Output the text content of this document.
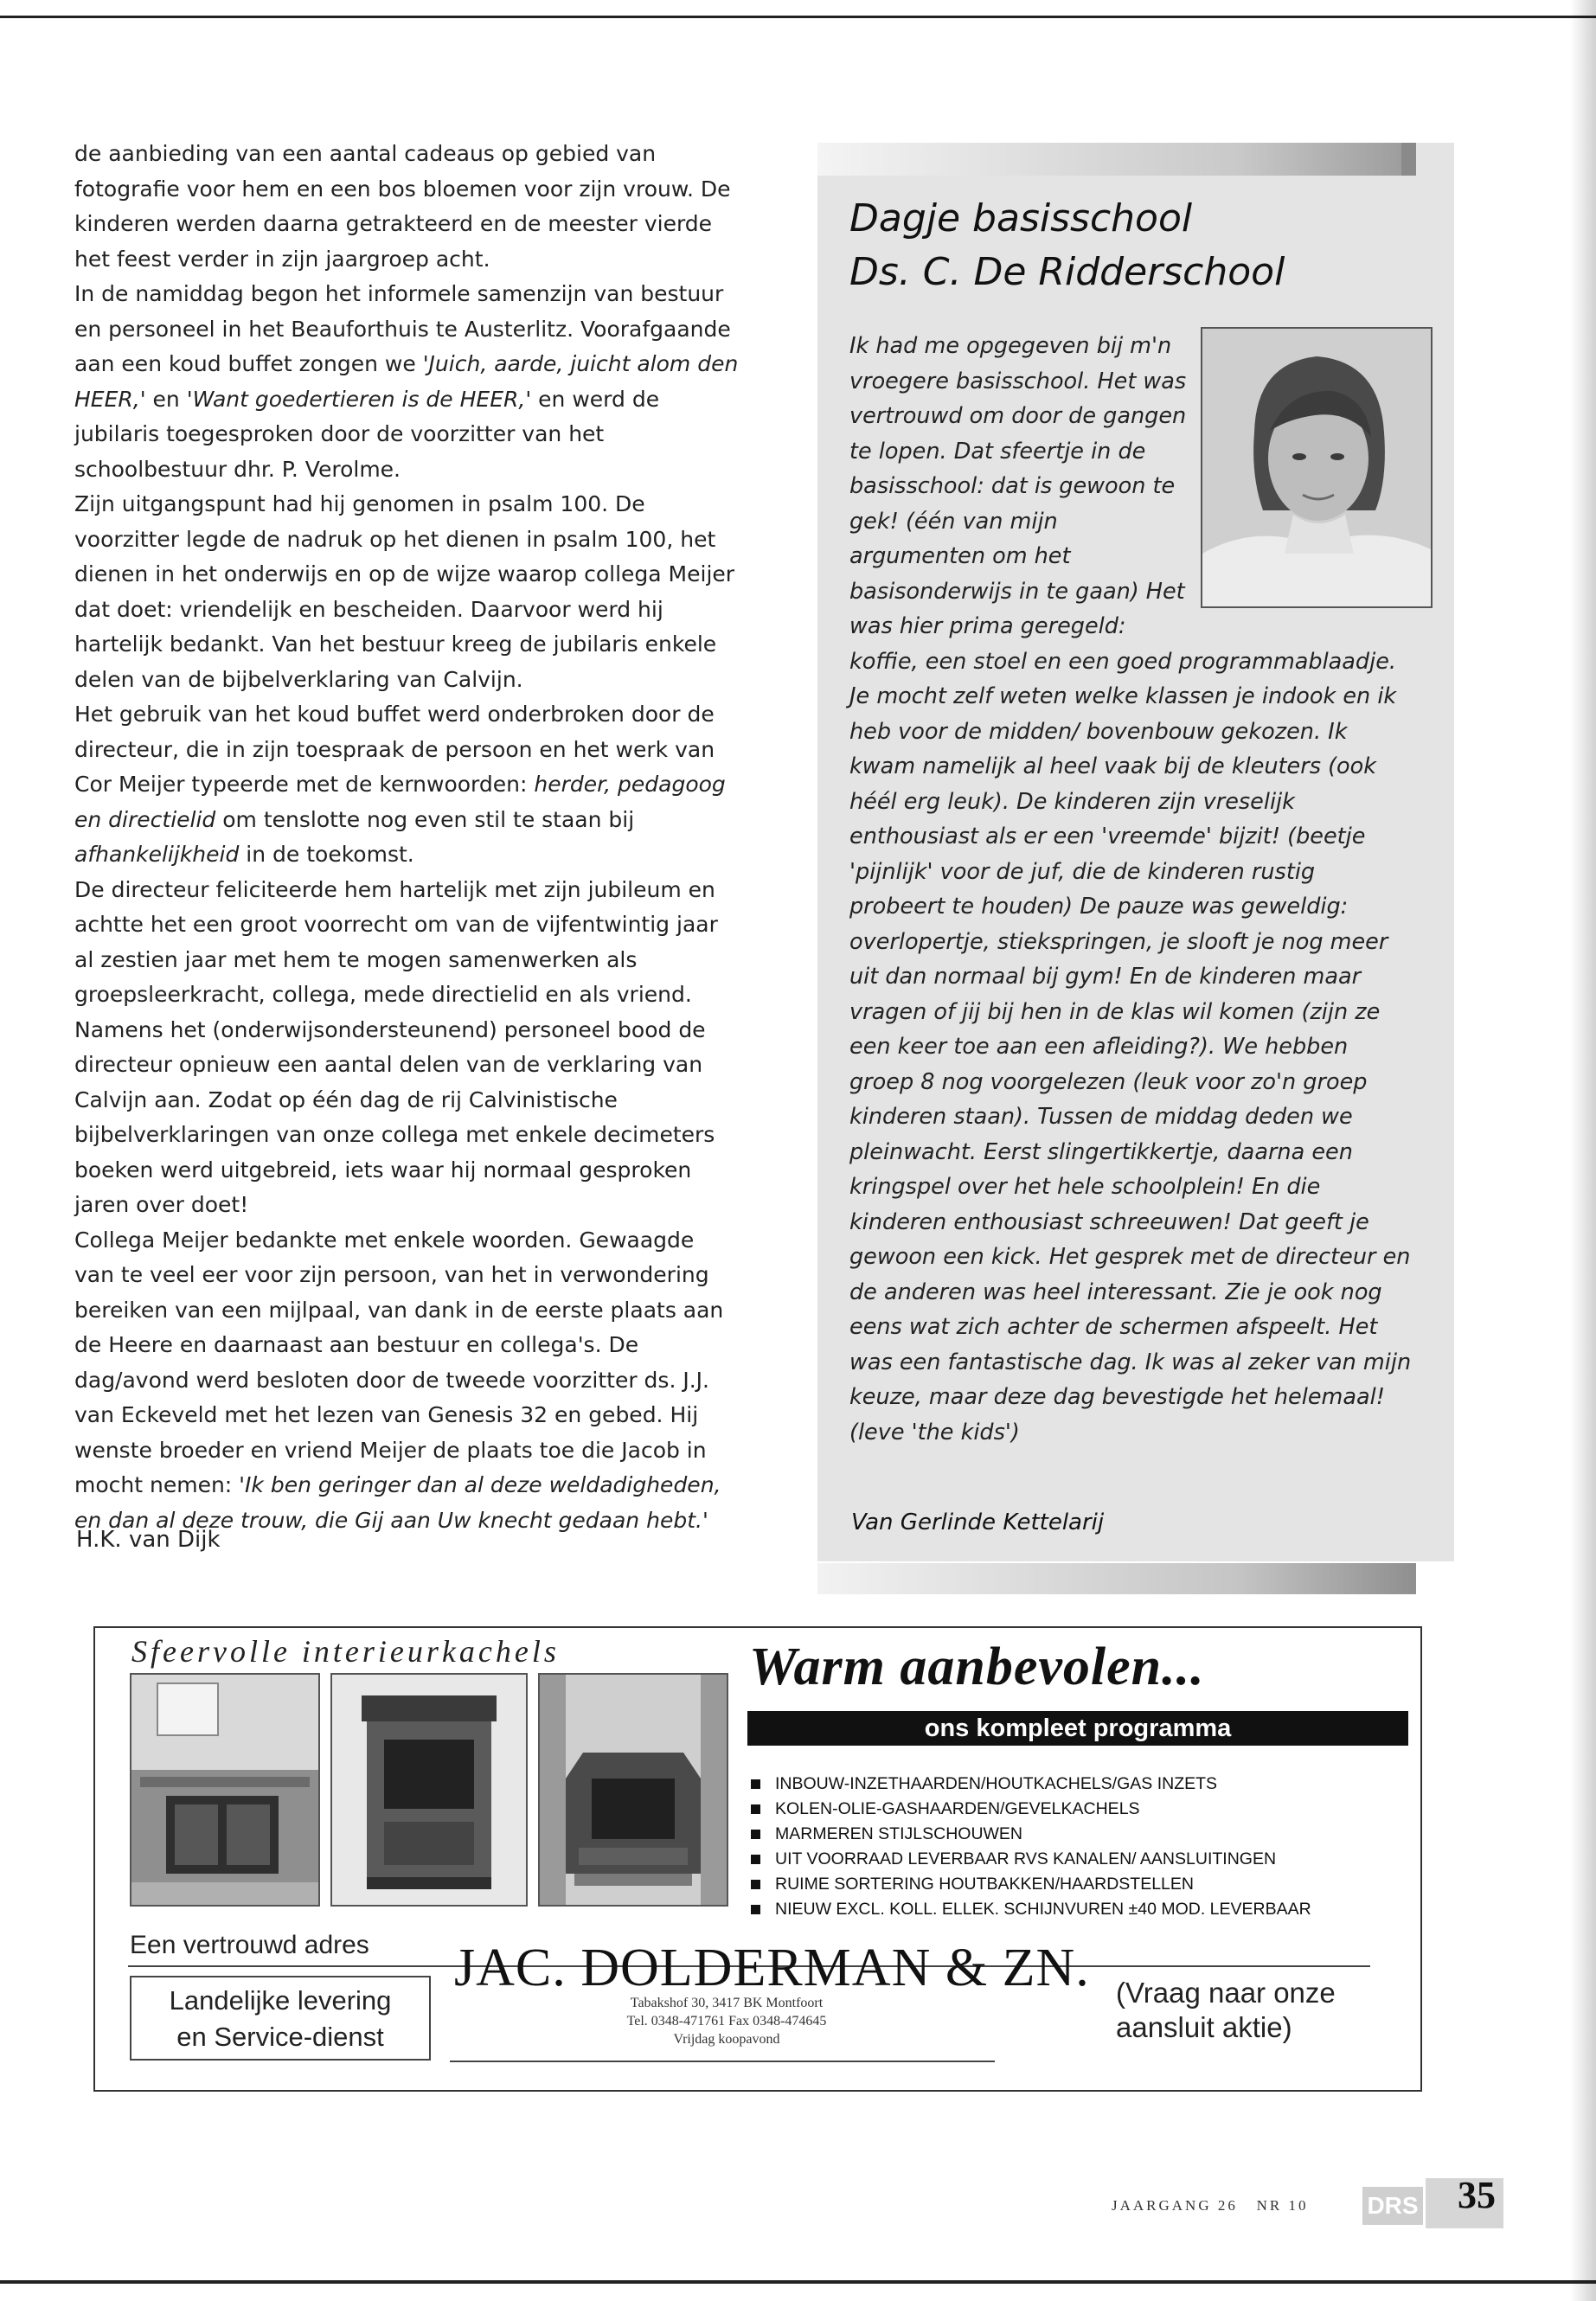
de aanbieding van een aantal cadeaus op gebied van fotografie voor hem en een bos bloemen voor zijn vrouw. De kinderen werden daarna getrakteerd en de meester vierde het feest verder in zijn jaargroep acht.

In de namiddag begon het informele samenzijn van bestuur en personeel in het Beauforthuis te Austerlitz. Voorafgaande aan een koud buffet zongen we 'Juich, aarde, juicht alom den HEER,' en 'Want goedertieren is de HEER,' en werd de jubilaris toegesproken door de voorzitter van het schoolbestuur dhr. P. Verolme.

Zijn uitgangspunt had hij genomen in psalm 100. De voorzitter legde de nadruk op het dienen in psalm 100, het dienen in het onderwijs en op de wijze waarop collega Meijer dat doet: vriendelijk en bescheiden. Daarvoor werd hij hartelijk bedankt. Van het bestuur kreeg de jubilaris enkele delen van de bijbelverklaring van Calvijn.

Het gebruik van het koud buffet werd onderbroken door de directeur, die in zijn toespraak de persoon en het werk van Cor Meijer typeerde met de kernwoorden: herder, pedagoog en directielid om tenslotte nog even stil te staan bij afhankelijkheid in de toekomst.

De directeur feliciteerde hem hartelijk met zijn jubileum en achtte het een groot voorrecht om van de vijfentwintig jaar al zestien jaar met hem te mogen samenwerken als groepsleerkracht, collega, mede directielid en als vriend. Namens het (onderwijsondersteunend) personeel bood de directeur opnieuw een aantal delen van de verklaring van Calvijn aan. Zodat op één dag de rij Calvinistische bijbelverklaringen van onze collega met enkele decimeters boeken werd uitgebreid, iets waar hij normaal gesproken jaren over doet!

Collega Meijer bedankte met enkele woorden. Gewaagde van te veel eer voor zijn persoon, van het in verwondering bereiken van een mijlpaal, van dank in de eerste plaats aan de Heere en daarnaast aan bestuur en collega's. De dag/avond werd besloten door de tweede voorzitter ds. J.J. van Eckeveld met het lezen van Genesis 32 en gebed. Hij wenste broeder en vriend Meijer de plaats toe die Jacob in mocht nemen: 'Ik ben geringer dan al deze weldadigheden, en dan al deze trouw, die Gij aan Uw knecht gedaan hebt.'

H.K. van Dijk
Dagje basisschool
Ds. C. De Ridderschool
Ik had me opgegeven bij m'n vroegere basisschool. Het was vertrouwd om door de gangen te lopen. Dat sfeertje in de basisschool: dat is gewoon te gek! (één van mijn argumenten om het basisonderwijs in te gaan) Het was hier prima geregeld: koffie, een stoel en een goed programmablaadje. Je mocht zelf weten welke klassen je indook en ik heb voor de midden/ bovenbouw gekozen. Ik kwam namelijk al heel vaak bij de kleuters (ook héél erg leuk). De kinderen zijn vreselijk enthousiast als er een 'vreemde' bijzit! (beetje 'pijnlijk' voor de juf, die de kinderen rustig probeert te houden) De pauze was geweldig: overlopertje, stiekspringen, je slooft je nog meer uit dan normaal bij gym! En de kinderen maar vragen of jij bij hen in de klas wil komen (zijn ze een keer toe aan een afleiding?). We hebben groep 8 nog voorgelezen (leuk voor zo'n groep kinderen staan). Tussen de middag deden we pleinwacht. Eerst slingertikkertje, daarna een kringspel over het hele schoolplein! En die kinderen enthousiast schreeuwen! Dat geeft je gewoon een kick. Het gesprek met de directeur en de anderen was heel interessant. Zie je ook nog eens wat zich achter de schermen afspeelt. Het was een fantastische dag. Ik was al zeker van mijn keuze, maar deze dag bevestigde het helemaal! (leve 'the kids')
Van Gerlinde Kettelarij
Sfeervolle interieurkachels	Warm aanbevolen...
ons kompleet programma
INBOUW-INZETHAARDEN/HOUTKACHELS/GAS INZETS
KOLEN-OLIE-GASHAARDEN/GEVELKACHELS
MARMEREN STIJLSCHOUWEN
UIT VOORRAAD LEVERBAAR RVS KANALEN/ AANSLUITINGEN
RUIME SORTERING HOUTBAKKEN/HAARDSTELLEN
NIEUW EXCL. KOLL. ELLEK. SCHIJNVUREN ±40 MOD. LEVERBAAR
Een vertrouwd adres
Landelijke levering
en Service-dienst
JAC. DOLDERMAN & ZN.
Tabakshof 30, 3417 BK Montfoort
Tel. 0348-471761 Fax 0348-474645
Vrijdag koopavond
(Vraag naar onze
aansluit aktie)
JAARGANG 26 NR 10 DRS 35
